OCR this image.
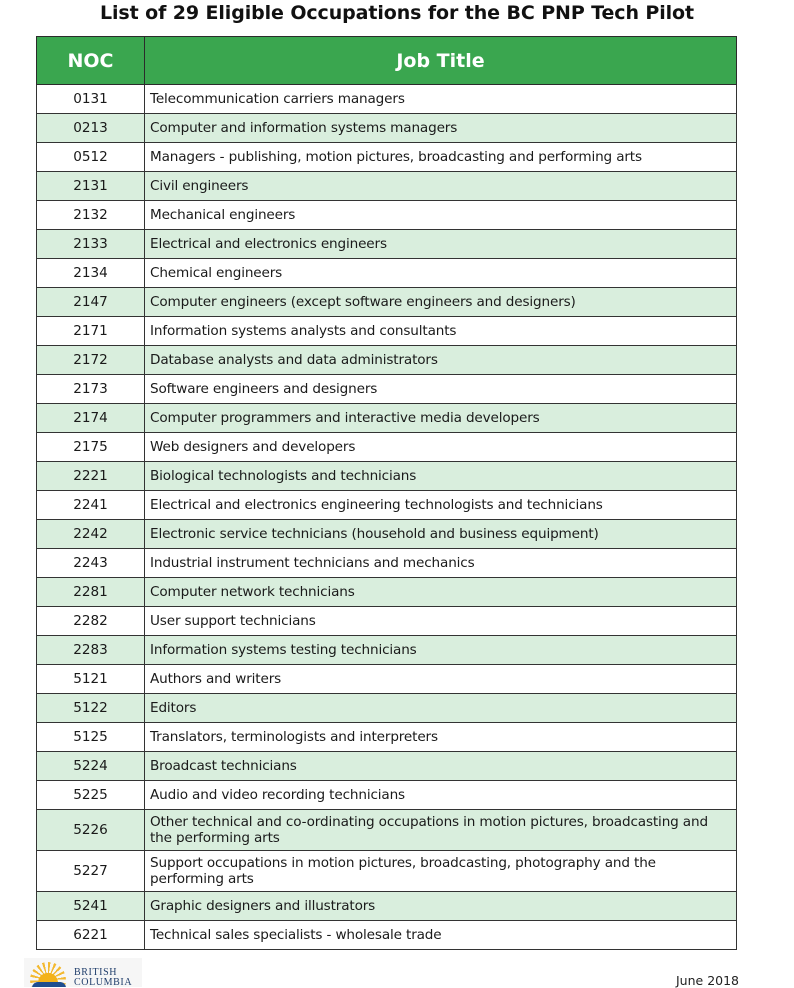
List of 29 Eligible Occupations for the BC PNP Tech Pilot
NOC	Job Title
0131	Telecommunication carriers managers
0213	Computer and information systems managers
0512	Managers - publishing, motion pictures, broadcasting and performing arts
2131	Civil engineers
2132	Mechanical engineers
2133	Electrical and electronics engineers
2134	Chemical engineers
2147	Computer engineers (except software engineers and designers)
2171	Information systems analysts and consultants
2172	Database analysts and data administrators
2173	Software engineers and designers
2174	Computer programmers and interactive media developers
2175	Web designers and developers
2221	Biological technologists and technicians
2241	Electrical and electronics engineering technologists and technicians
2242	Electronic service technicians (household and business equipment)
2243	Industrial instrument technicians and mechanics
2281	Computer network technicians
2282	User support technicians
2283	Information systems testing technicians
5121	Authors and writers
5122	Editors
5125	Translators, terminologists and interpreters
5224	Broadcast technicians
5225	Audio and video recording technicians
5226	Other technical and co-ordinating occupations in motion pictures, broadcasting and the performing arts
5227	Support occupations in motion pictures, broadcasting, photography and the performing arts
5241	Graphic designers and illustrators
6221	Technical sales specialists - wholesale trade
BRITISH
COLUMBIA	June 2018
